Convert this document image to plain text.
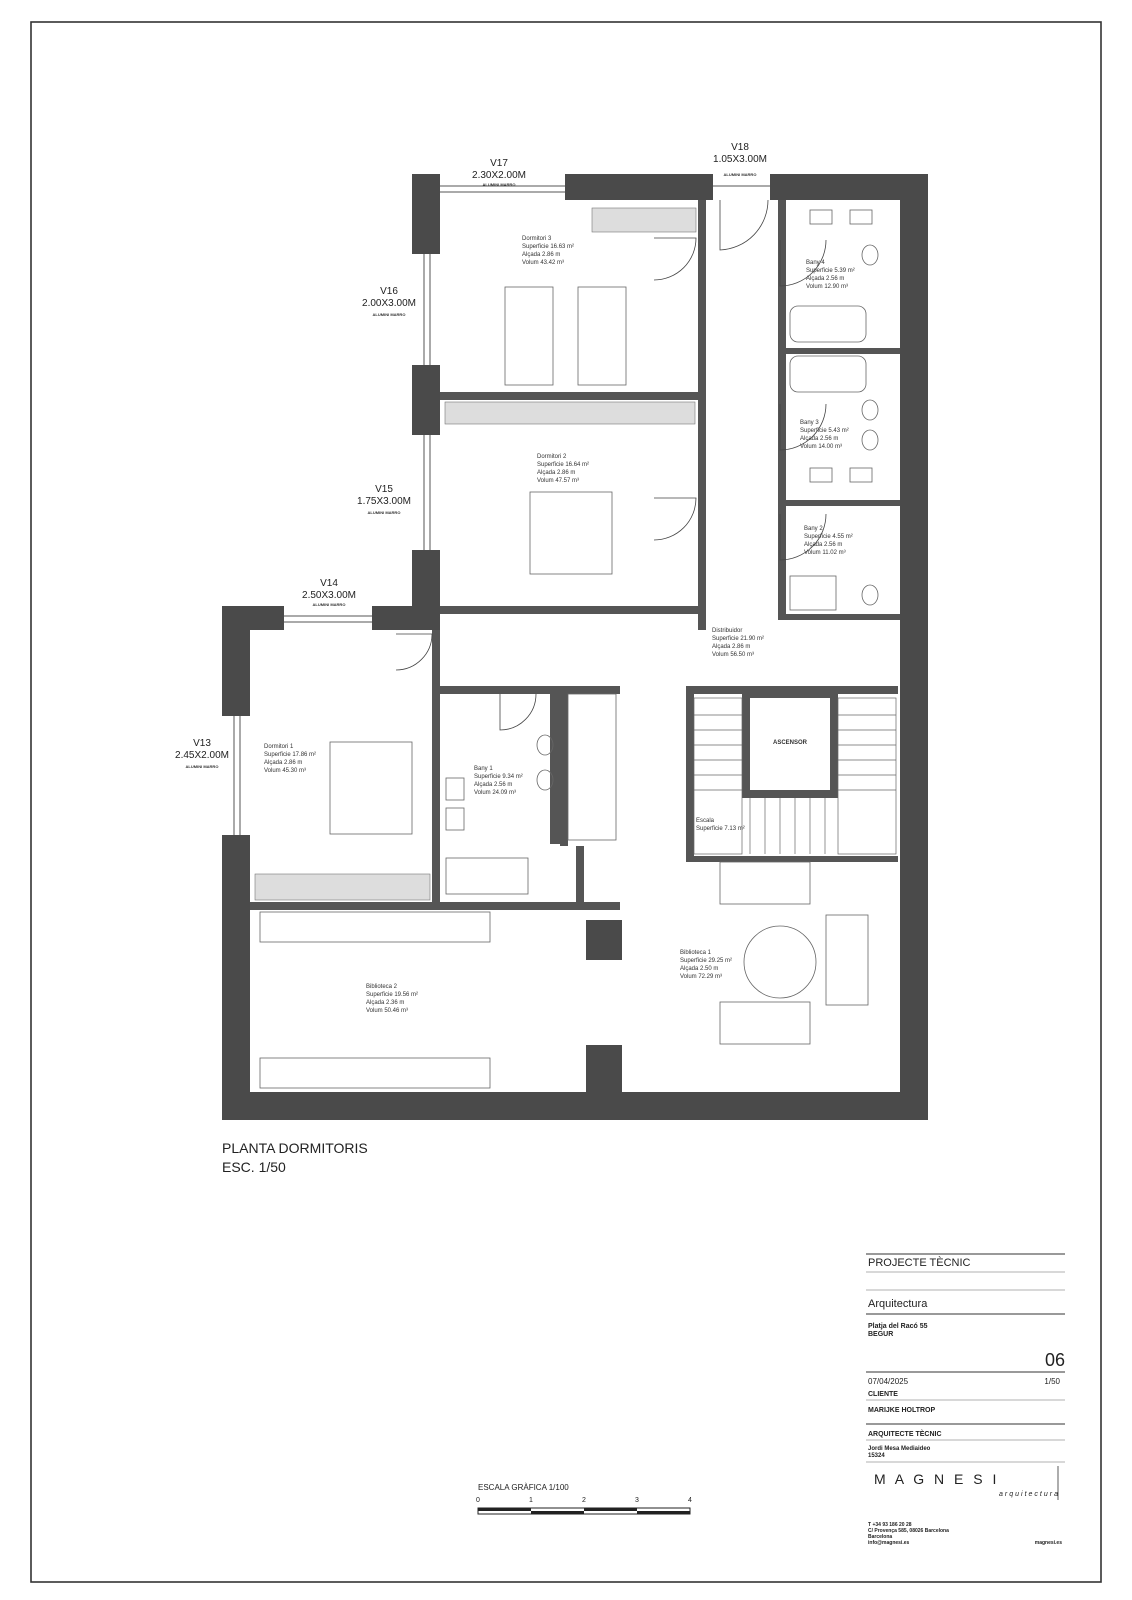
V17
2.30X2.00M
ALUMINI MARRO
V18
1.05X3.00M
ALUMINI MARRO
V16
2.00X3.00M
ALUMINI MARRO
V15
1.75X3.00M
ALUMINI MARRO
V14
2.50X3.00M
ALUMINI MARRO
V13
2.45X2.00M
ALUMINI MARRO
Dormitori 3
Superficie 16.63 m²
Alçada 2.86 m
Volum 43.42 m³
Dormitori 2
Superficie 16.64 m²
Alçada 2.86 m
Volum 47.57 m³
Dormitori 1
Superficie 17.86 m²
Alçada 2.86 m
Volum 45.30 m³
Bany 4
Superficie 5.39 m²
Alçada 2.56 m
Volum 12.90 m³
Bany 3
Superficie 5.43 m²
Alçada 2.56 m
Volum 14.00 m³
Bany 2
Superficie 4.55 m²
Alçada 2.56 m
Volum 11.02 m³
Bany 1
Superficie 9.34 m²
Alçada 2.56 m
Volum 24.09 m³
Distribuidor
Superficie 21.90 m²
Alçada 2.86 m
Volum 56.50 m³
Escala
Superficie 7.13 m²
ASCENSOR
Biblioteca 1
Superficie 29.25 m²
Alçada 2.50 m
Volum 72.29 m³
Biblioteca 2
Superficie 19.56 m²
Alçada 2.36 m
Volum 50.46 m³
PLANTA DORMITORIS
ESC. 1/50
ESCALA GRÀFICA 1/100
0	1	2	3	4
PROJECTE TÈCNIC
Arquitectura
Platja del Racó 55
BEGUR
06
07/04/2025	1/50
CLIENTE
MARIJKE HOLTROP
ARQUITECTE TÈCNIC
Jordi Mesa Mediaideo
15324
M A G N E S I
arquitectura
T +34 93 186 20 28
C/ Provença 585, 08026 Barcelona
Barcelona
info@magnesi.es	magnesi.es
